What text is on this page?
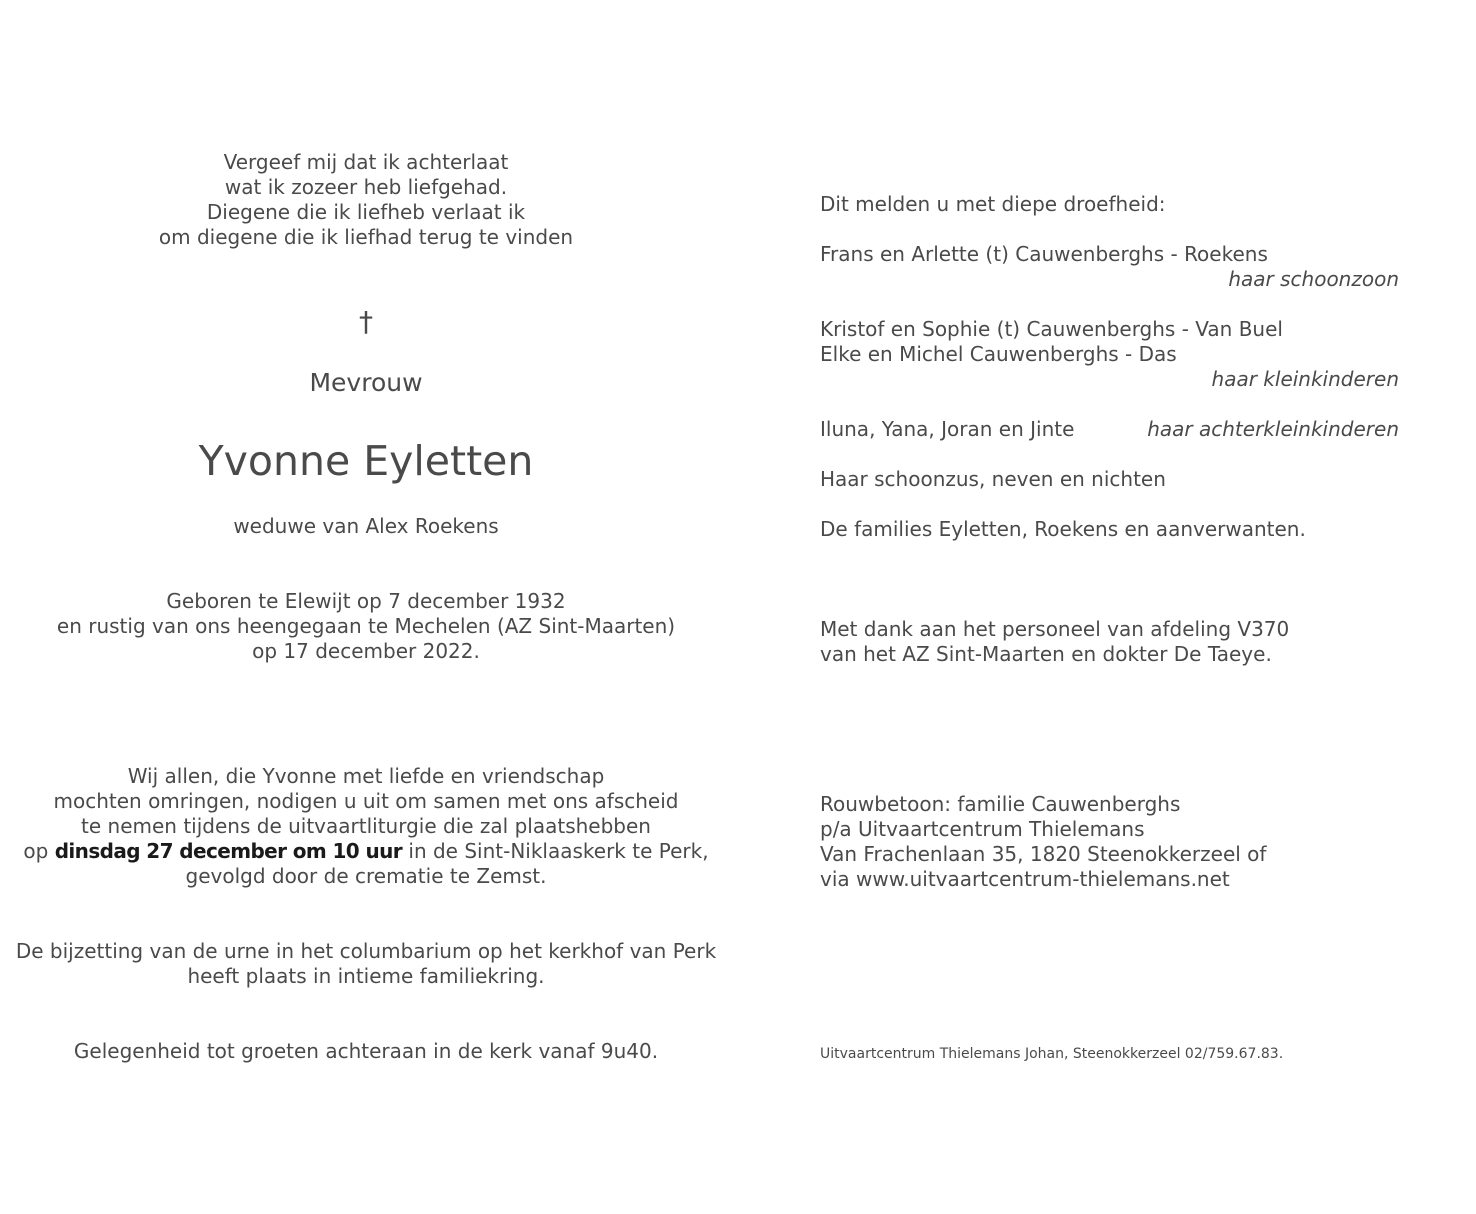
Vergeef mij dat ik achterlaat
wat ik zozeer heb liefgehad.
Diegene die ik liefheb verlaat ik
om diegene die ik liefhad terug te vinden
†
Mevrouw
Yvonne Eyletten
weduwe van Alex Roekens
Geboren te Elewijt op 7 december 1932
en rustig van ons heengegaan te Mechelen (AZ Sint-Maarten)
op 17 december 2022.
Wij allen, die Yvonne met liefde en vriendschap
mochten omringen, nodigen u uit om samen met ons afscheid
te nemen tijdens de uitvaartliturgie die zal plaatshebben
op dinsdag 27 december om 10 uur in de Sint-Niklaaskerk te Perk,
gevolgd door de crematie te Zemst.
De bijzetting van de urne in het columbarium op het kerkhof van Perk
heeft plaats in intieme familiekring.
Gelegenheid tot groeten achteraan in de kerk vanaf 9u40.
Dit melden u met diepe droefheid:
Frans en Arlette (t) Cauwenberghs - Roekens
haar schoonzoon
Kristof en Sophie (t) Cauwenberghs - Van Buel
Elke en Michel Cauwenberghs - Das
haar kleinkinderen
Iluna, Yana, Joran en Jinte	haar achterkleinkinderen
Haar schoonzus, neven en nichten
De families Eyletten, Roekens en aanverwanten.
Met dank aan het personeel van afdeling V370
van het AZ Sint-Maarten en dokter De Taeye.
Rouwbetoon: familie Cauwenberghs
p/a Uitvaartcentrum Thielemans
Van Frachenlaan 35, 1820 Steenokkerzeel of
via www.uitvaartcentrum-thielemans.net
Uitvaartcentrum Thielemans Johan, Steenokkerzeel 02/759.67.83.
